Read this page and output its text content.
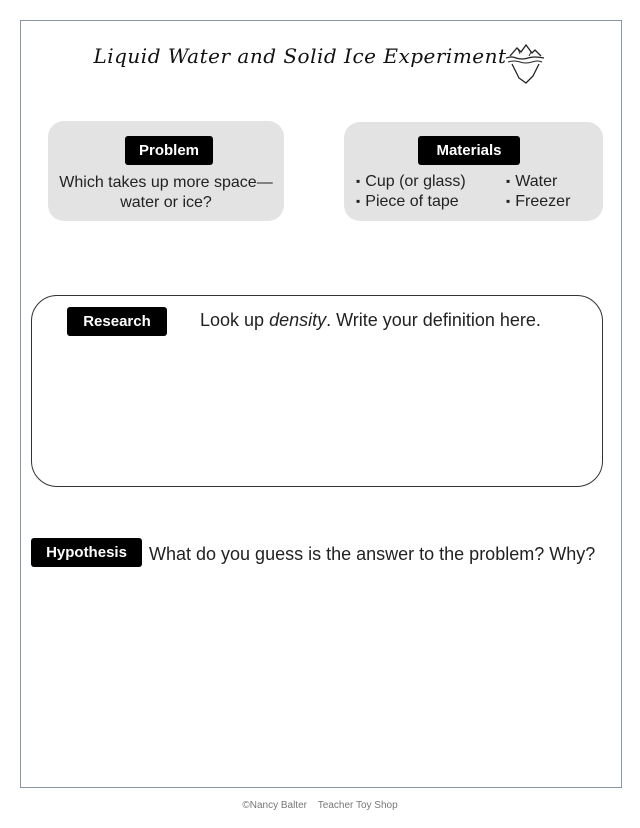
Liquid Water and Solid Ice Experiment
Problem
Which takes up more space—water or ice?
Materials
▪ Cup (or glass)
▪ Piece of tape
▪ Water
▪ Freezer
Research	Look up density. Write your definition here.
Hypothesis	What do you guess is the answer to the problem? Why?
©Nancy Balter Teacher Toy Shop
